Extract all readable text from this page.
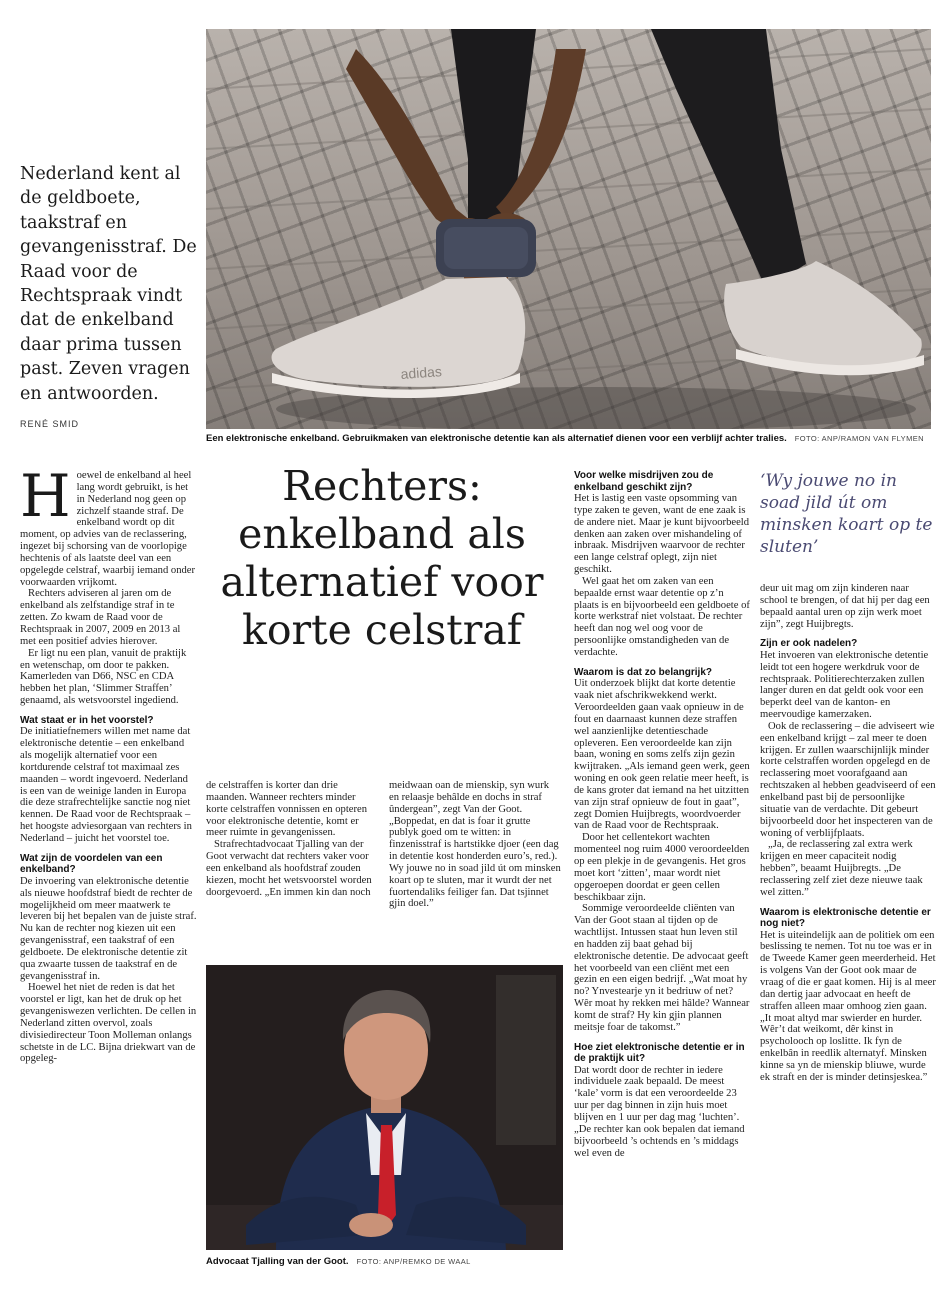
Nederland kent al de geldboete, taakstraf en gevangenisstraf. De Raad voor de Rechtspraak vindt dat de enkelband daar prima tussen past. Zeven vragen en antwoorden.
RENÉ SMID
adidas
Een elektronische enkelband. Gebruikmaken van elektronische detentie kan als alternatief dienen voor een verblijf achter tralies. FOTO: ANP/RAMON VAN FLYMEN
Rechters: enkelband als alternatief voor korte celstraf
‘Wy jouwe no in soad jild út om minsken koart op te sluten’

Hoewel de enkelband al heel lang wordt gebruikt, is het in Nederland nog geen op zichzelf staande straf. De enkelband wordt op dit moment, op advies van de reclassering, ingezet bij schorsing van de voorlopige hechtenis of als laatste deel van een opgelegde celstraf, waarbij iemand onder voorwaarden vrijkomt.

Rechters adviseren al jaren om de enkelband als zelfstandige straf in te zetten. Zo kwam de Raad voor de Rechtspraak in 2007, 2009 en 2013 al met een positief advies hierover.

Er ligt nu een plan, vanuit de praktijk en wetenschap, om door te pakken. Kamerleden van D66, NSC en CDA hebben het plan, ‘Slimmer Straffen’ genaamd, als wetsvoorstel ingediend.

Wat staat er in het voorstel?

De initiatiefnemers willen met name dat elektronische detentie – een enkelband als mogelijk alternatief voor een kortdurende celstraf tot maximaal zes maanden – wordt ingevoerd. Nederland is een van de weinige landen in Europa die deze strafrechtelijke sanctie nog niet kennen. De Raad voor de Rechtspraak – het hoogste adviesorgaan van rechters in Nederland – juicht het voorstel toe.

Wat zijn de voordelen van een enkelband?

De invoering van elektronische detentie als nieuwe hoofdstraf biedt de rechter de mogelijkheid om meer maatwerk te leveren bij het bepalen van de juiste straf. Nu kan de rechter nog kiezen uit een gevangenisstraf, een taakstraf of een geldboete. De elektronische detentie zit qua zwaarte tussen de taakstraf en de gevangenisstraf in.

Hoewel het niet de reden is dat het voorstel er ligt, kan het de druk op het gevangeniswezen verlichten. De cellen in Nederland zitten overvol, zoals divisiedirecteur Toon Molleman onlangs schetste in de LC. Bijna driekwart van de opgeleg-

de celstraffen is korter dan drie maanden. Wanneer rechters minder korte celstraffen vonnissen en opteren voor elektronische detentie, komt er meer ruimte in gevangenissen.

Strafrechtadvocaat Tjalling van der Goot verwacht dat rechters vaker voor een enkelband als hoofdstraf zouden kiezen, mocht het wetsvoorstel worden doorgevoerd. „En immen kin dan noch

meidwaan oan de mienskip, syn wurk en relaasje behâlde en dochs in straf ûndergean”, zegt Van der Goot. „Boppedat, en dat is foar it grutte publyk goed om te witten: in finzenisstraf is hartstikke djoer (een dag in detentie kost honderden euro’s, red.). Wy jouwe no in soad jild út om minsken koart op te sluten, mar it wurdt der net fuortendaliks feiliger fan. Dat tsjinnet gjin doel.”

Voor welke misdrijven zou de enkelband geschikt zijn?

Het is lastig een vaste opsomming van type zaken te geven, want de ene zaak is de andere niet. Maar je kunt bijvoorbeeld denken aan zaken over mishandeling of inbraak. Misdrijven waarvoor de rechter een lange celstraf oplegt, zijn niet geschikt.

Wel gaat het om zaken van een bepaalde ernst waar detentie op z’n plaats is en bijvoorbeeld een geldboete of korte werkstraf niet volstaat. De rechter heeft dan nog wel oog voor de persoonlijke omstandigheden van de verdachte.

Waarom is dat zo belangrijk?

Uit onderzoek blijkt dat korte detentie vaak niet afschrikwekkend werkt. Veroordeelden gaan vaak opnieuw in de fout en daarnaast kunnen deze straffen wel aanzienlijke detentieschade opleveren. Een veroordeelde kan zijn baan, woning en soms zelfs zijn gezin kwijtraken. „Als iemand geen werk, geen woning en ook geen relatie meer heeft, is de kans groter dat iemand na het uitzitten van zijn straf opnieuw de fout in gaat”, zegt Domien Huijbregts, woordvoerder van de Raad voor de Rechtspraak.

Door het cellentekort wachten momenteel nog ruim 4000 veroordeelden op een plekje in de gevangenis. Het gros moet kort ‘zitten’, maar wordt niet opgeroepen doordat er geen cellen beschikbaar zijn.

Sommige veroordeelde cliënten van Van der Goot staan al tijden op de wachtlijst. Intussen staat hun leven stil en hadden zij baat gehad bij elektronische detentie. De advocaat geeft het voorbeeld van een cliënt met een gezin en een eigen bedrijf. „Wat moat hy no? Ynvestearje yn it bedriuw of net? Wêr moat hy rekken mei hâlde? Wannear komt de straf? Hy kin gjin plannen meitsje foar de takomst.”

Hoe ziet elektronische detentie er in de praktijk uit?

Dat wordt door de rechter in iedere individuele zaak bepaald. De meest ‘kale’ vorm is dat een veroordeelde 23 uur per dag binnen in zijn huis moet blijven en 1 uur per dag mag ‘luchten’. „De rechter kan ook bepalen dat iemand bijvoorbeeld ’s ochtends en ’s middags wel even de

deur uit mag om zijn kinderen naar school te brengen, of dat hij per dag een bepaald aantal uren op zijn werk moet zijn”, zegt Huijbregts.

Zijn er ook nadelen?

Het invoeren van elektronische detentie leidt tot een hogere werkdruk voor de rechtspraak. Politierechterzaken zullen langer duren en dat geldt ook voor een beperkt deel van de kanton- en meervoudige kamerzaken.

Ook de reclassering – die adviseert wie een enkelband krijgt – zal meer te doen krijgen. Er zullen waarschijnlijk minder korte celstraffen worden opgelegd en de reclassering moet voorafgaand aan rechtszaken al hebben geadviseerd of een enkelband past bij de persoonlijke situatie van de verdachte. Dit gebeurt bijvoorbeeld door het inspecteren van de woning of verblijfplaats.

„Ja, de reclassering zal extra werk krijgen en meer capaciteit nodig hebben”, beaamt Huijbregts. „De reclassering zelf ziet deze nieuwe taak wel zitten.”

Waarom is elektronische detentie er nog niet?

Het is uiteindelijk aan de politiek om een beslissing te nemen. Tot nu toe was er in de Tweede Kamer geen meerderheid. Het is volgens Van der Goot ook maar de vraag of die er gaat komen. Hij is al meer dan dertig jaar advocaat en heeft de straffen alleen maar omhoog zien gaan. „It moat altyd mar swierder en hurder. Wêr’t dat weikomt, dêr kinst in psycholooch op loslitte. Ik fyn de enkelbân in reedlik alternatyf. Minsken kinne sa yn de mienskip bliuwe, wurde ek straft en der is minder detinsjeskea.”

Advocaat Tjalling van der Goot. FOTO: ANP/REMKO DE WAAL
